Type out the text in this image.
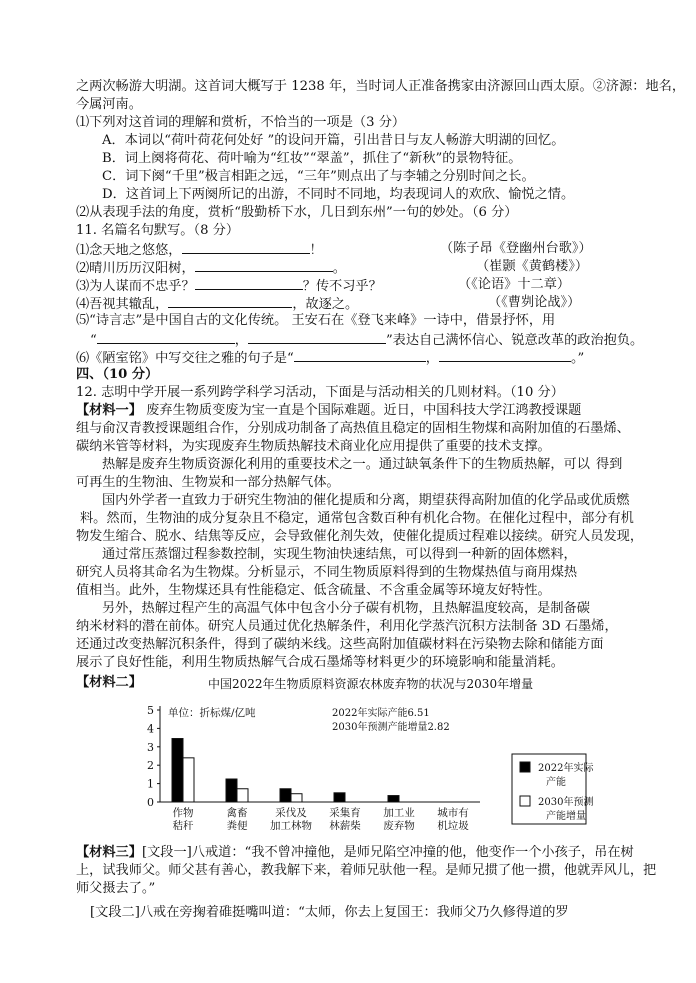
之两次畅游大明湖。这首词大概写于 1238 年，当时词人正准备携家由济源回山西太原。②济源：地名，
今属河南。
⑴下列对这首词的理解和赏析，不恰当的一项是（3 分）
A．本词以“荷叶荷花何处好 ”的设问开篇，引出昔日与友人畅游大明湖的回忆。
B．词上阕将荷花、荷叶喻为“红妆”“翠盖”，抓住了“新秋”的景物特征。
C．词下阕“千里”极言相距之远，“三年”则点出了与李辅之分别时间之长。
D．这首词上下两阕所记的出游，不同时不同地，均表现词人的欢欣、愉悦之情。
⑵从表现手法的角度，赏析“殷勤桥下水，几日到东州”一句的妙处。（6 分）
11. 名篇名句默写。（8 分）
⑴念天地之悠悠，	！	（陈子昂《登幽州台歌》）
⑵晴川历历汉阳树，	。	（崔颢《黄鹤楼》）
⑶为人谋而不忠乎？	？传不习乎？	（《论语》十二章）
⑷吾视其辙乱，	，故逐之。	（《曹刿论战》）
⑸“诗言志”是中国自古的文化传统。 王安石在《登飞来峰》一诗中，借景抒怀，用
“	，	”表达自己满怀信心、锐意改革的政治抱负。
⑹《陋室铭》中写交往之雅的句子是“	，	。”
四、（10 分）
12. 志明中学开展一系列跨学科学习活动，下面是与活动相关的几则材料。（10 分）
【材料一】 废弃生物质变废为宝一直是个国际难题。近日，中国科技大学江鸿教授课题
组与俞汉青教授课题组合作，分别成功制备了高热值且稳定的固相生物煤和高附加值的石墨烯、
碳纳米管等材料，为实现废弃生物质热解技术商业化应用提供了重要的技术支撑。
热解是废弃生物质资源化利用的重要技术之一。通过缺氧条件下的生物质热解，可以 得到
可再生的生物油、生物炭和一部分热解气体。
国内外学者一直致力于研究生物油的催化提质和分离，期望获得高附加值的化学品或优质燃
料。然而，生物油的成分复杂且不稳定，通常包含数百种有机化合物。在催化过程中，部分有机
物发生缩合、脱水、结焦等反应，会导致催化剂失效，使催化提质过程难以接续。研究人员发现，
通过常压蒸馏过程参数控制，实现生物油快速结焦，可以得到一种新的固体燃料，
研究人员将其命名为生物煤。分析显示，不同生物质原料得到的生物煤热值与商用煤热
值相当。此外，生物煤还具有性能稳定、低含硫量、不含重金属等环境友好特性。
另外，热解过程产生的高温气体中包含小分子碳有机物，且热解温度较高，是制备碳
纳米材料的潜在前体。研究人员通过优化热解条件，利用化学蒸汽沉积方法制备 3D 石墨烯，
还通过改变热解沉积条件，得到了碳纳米线。这些高附加值碳材料在污染物去除和储能方面
展示了良好性能，利用生物质热解气合成石墨烯等材料更少的环境影响和能量消耗。
【材料二】	中国2022年生物质原料资源农林废弃物的状况与2030年增量
0
1
2
3
4
5 单位：折标煤/亿吨	2022年实际产能6.51
2030年预测产能增量2.82
作物
秸秆
禽畜
粪便
采伐及
加工林物
采集育
林薪柴
加工业
废弃物
城市有
机垃圾
2022年实际
产能
2030年预测
产能增量
【材料三】[文段一]八戒道：“我不曾冲撞他，是师兄陷空冲撞的他，他变作一个小孩子，吊在树
上，试我师父。师父甚有善心，教我解下来，着师兄驮他一程。是师兄掼了他一掼，他就弄风儿，把
师父摄去了。”
[文段二]八戒在旁掬着碓挺嘴叫道：“太师，你去上复国王：我师父乃久修得道的罗
